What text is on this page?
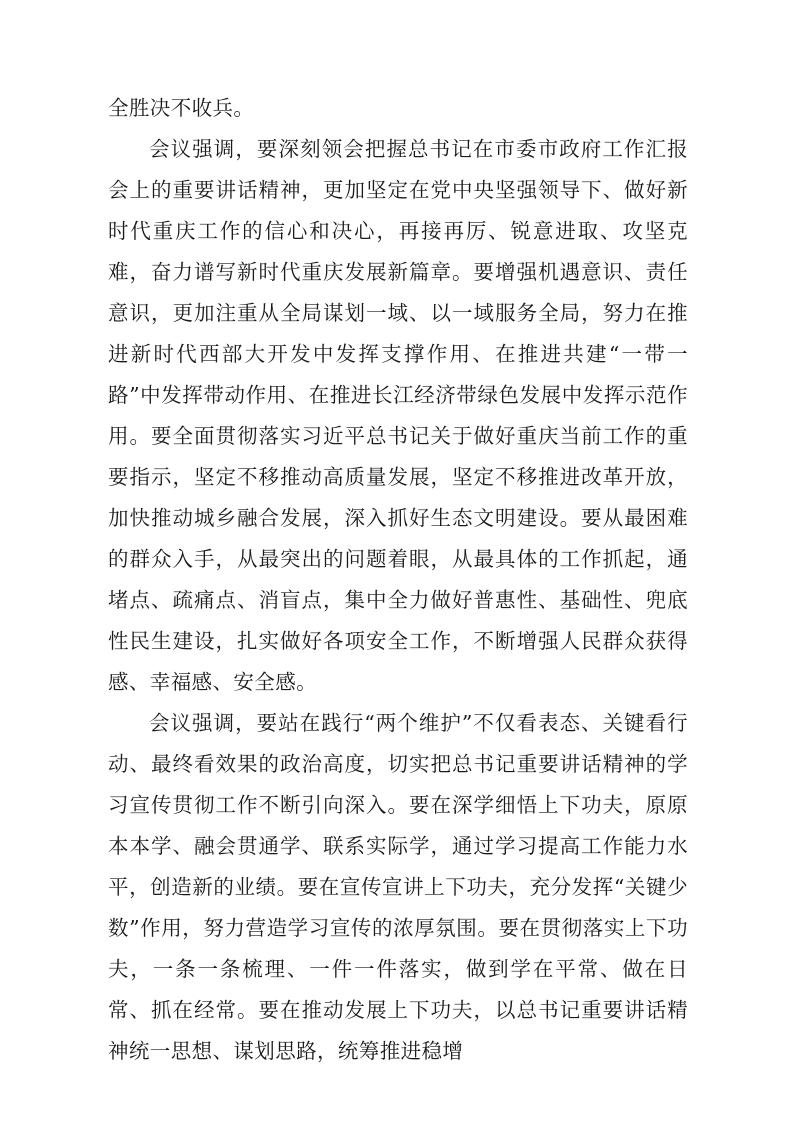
全胜决不收兵。

会议强调，要深刻领会把握总书记在市委市政府工作汇报会上的重要讲话精神，更加坚定在党中央坚强领导下、做好新时代重庆工作的信心和决心，再接再厉、锐意进取、攻坚克难，奋力谱写新时代重庆发展新篇章。要增强机遇意识、责任意识，更加注重从全局谋划一域、以一域服务全局，努力在推进新时代西部大开发中发挥支撑作用、在推进共建“一带一路”中发挥带动作用、在推进长江经济带绿色发展中发挥示范作用。要全面贯彻落实习近平总书记关于做好重庆当前工作的重要指示，坚定不移推动高质量发展，坚定不移推进改革开放，加快推动城乡融合发展，深入抓好生态文明建设。要从最困难的群众入手，从最突出的问题着眼，从最具体的工作抓起，通堵点、疏痛点、消盲点，集中全力做好普惠性、基础性、兜底性民生建设，扎实做好各项安全工作，不断增强人民群众获得感、幸福感、安全感。

会议强调，要站在践行“两个维护”不仅看表态、关键看行动、最终看效果的政治高度，切实把总书记重要讲话精神的学习宣传贯彻工作不断引向深入。要在深学细悟上下功夫，原原本本学、融会贯通学、联系实际学，通过学习提高工作能力水平，创造新的业绩。要在宣传宣讲上下功夫，充分发挥“关键少数”作用，努力营造学习宣传的浓厚氛围。要在贯彻落实上下功夫，一条一条梳理、一件一件落实，做到学在平常、做在日常、抓在经常。要在推动发展上下功夫，以总书记重要讲话精神统一思想、谋划思路，统筹推进稳增
